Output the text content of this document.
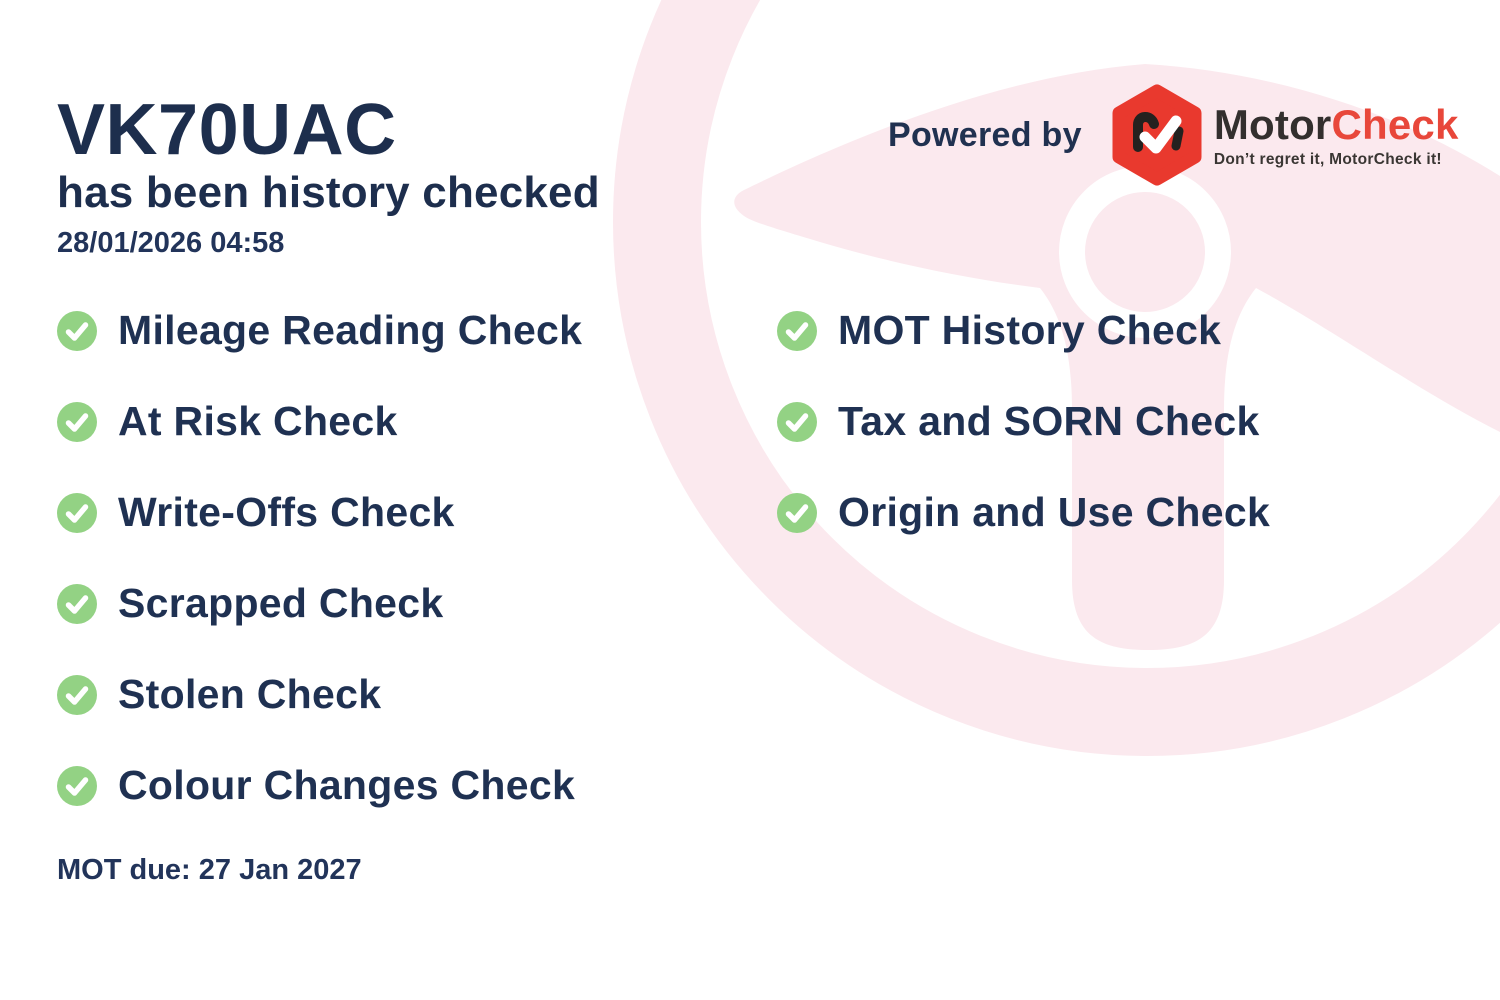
VK70UAC
has been history checked
28/01/2026 04:58
Powered by	MotorCheck
Don’t regret it, MotorCheck it!
Mileage Reading Check
At Risk Check
Write-Offs Check
Scrapped Check
Stolen Check
Colour Changes Check
MOT History Check
Tax and SORN Check
Origin and Use Check
MOT due: 27 Jan 2027
